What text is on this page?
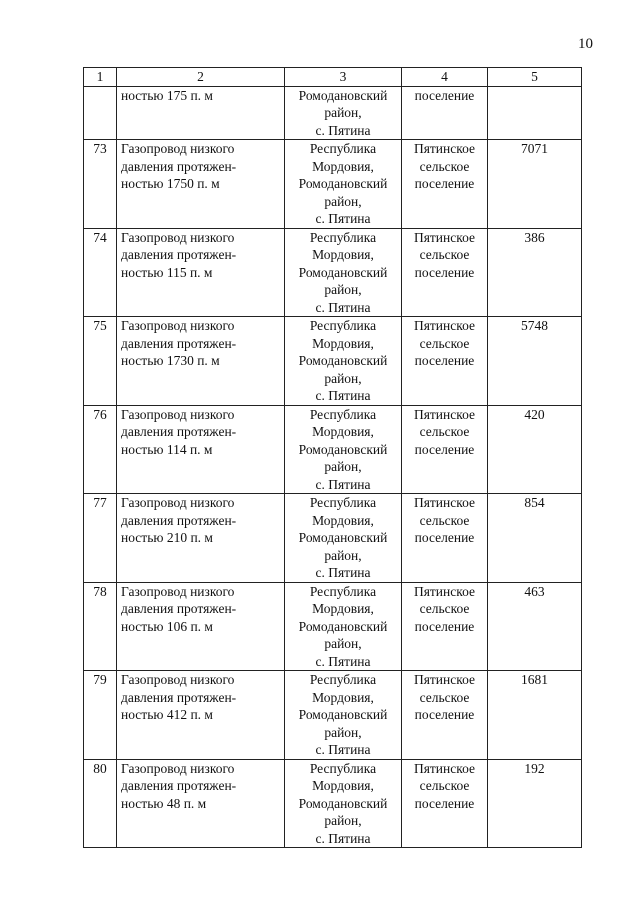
10
1	2	3	4	5

	ностью 175 п. м	Ромодановский
район,
с. Пятина	поселение	

73	Газопровод низкого
давления протяжен-
ностью 1750 п. м	Республика
Мордовия,
Ромодановский
район,
с. Пятина	Пятинское
сельское
поселение	7071
74	Газопровод низкого
давления протяжен-
ностью 115 п. м	Республика
Мордовия,
Ромодановский
район,
с. Пятина	Пятинское
сельское
поселение	386
75	Газопровод низкого
давления протяжен-
ностью 1730 п. м	Республика
Мордовия,
Ромодановский
район,
с. Пятина	Пятинское
сельское
поселение	5748
76	Газопровод низкого
давления протяжен-
ностью 114 п. м	Республика
Мордовия,
Ромодановский
район,
с. Пятина	Пятинское
сельское
поселение	420
77	Газопровод низкого
давления протяжен-
ностью 210 п. м	Республика
Мордовия,
Ромодановский
район,
с. Пятина	Пятинское
сельское
поселение	854
78	Газопровод низкого
давления протяжен-
ностью 106 п. м	Республика
Мордовия,
Ромодановский
район,
с. Пятина	Пятинское
сельское
поселение	463
79	Газопровод низкого
давления протяжен-
ностью 412 п. м	Республика
Мордовия,
Ромодановский
район,
с. Пятина	Пятинское
сельское
поселение	1681
80	Газопровод низкого
давления протяжен-
ностью 48 п. м	Республика
Мордовия,
Ромодановский
район,
с. Пятина	Пятинское
сельское
поселение	192
